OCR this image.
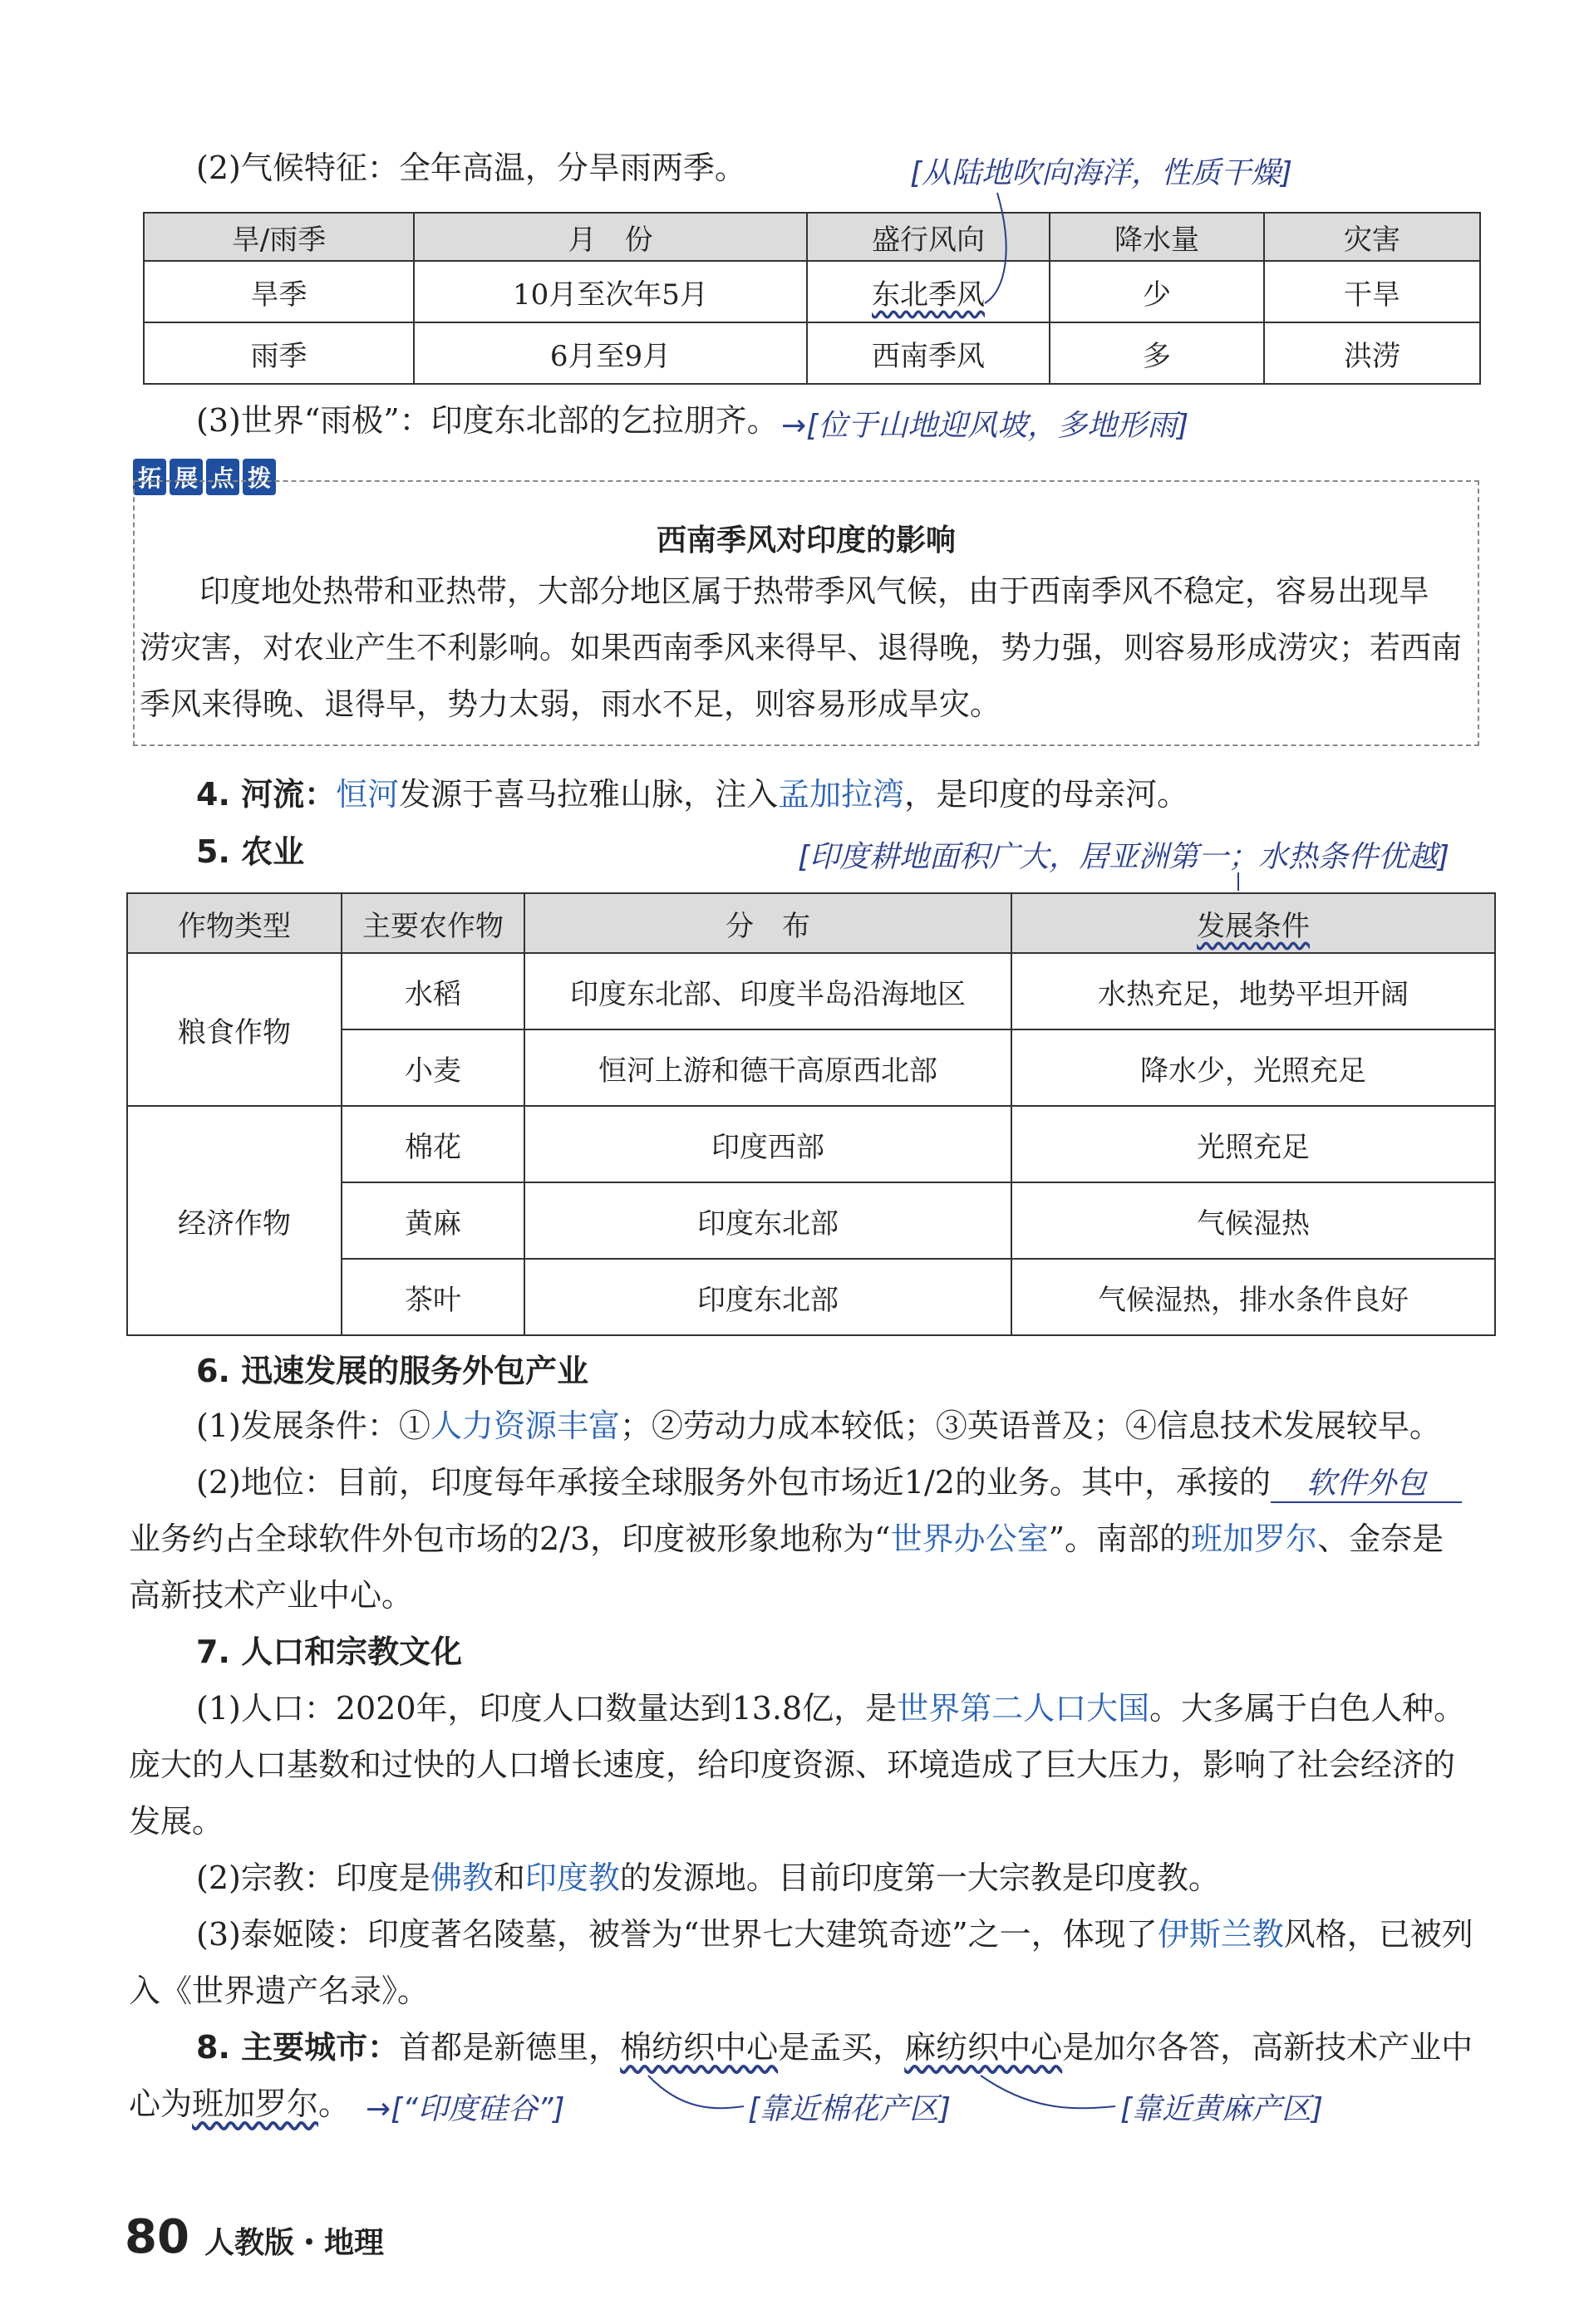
(2)气候特征：全年高温，分旱雨两季。	[从陆地吹向海洋，性质干燥]
旱/雨季	月　份	盛行风向	降水量	灾害
旱季	10月至次年5月	东北季风	少	干旱
雨季	6月至9月	西南季风	多	洪涝
(3)世界“雨极”：印度东北部的乞拉朋齐。 →[位于山地迎风坡，多地形雨]
拓 展 点 拨
西南季风对印度的影响
印度地处热带和亚热带，大部分地区属于热带季风气候，由于西南季风不稳定，容易出现旱
涝灾害，对农业产生不利影响。如果西南季风来得早、退得晚，势力强，则容易形成涝灾；若西南
季风来得晚、退得早，势力太弱，雨水不足，则容易形成旱灾。
4. 河流：恒河发源于喜马拉雅山脉，注入孟加拉湾，是印度的母亲河。
5. 农业	[印度耕地面积广大，居亚洲第一；水热条件优越]
作物类型	主要农作物	分　布	发展条件
粮食作物	水稻	印度东北部、印度半岛沿海地区	水热充足，地势平坦开阔
	小麦	恒河上游和德干高原西北部	降水少，光照充足
经济作物	棉花	印度西部	光照充足
	黄麻	印度东北部	气候湿热
	茶叶	印度东北部	气候湿热，排水条件良好
6. 迅速发展的服务外包产业
(1)发展条件：①人力资源丰富；②劳动力成本较低；③英语普及；④信息技术发展较早。
(2)地位：目前，印度每年承接全球服务外包市场近1/2的业务。其中，承接的 软件外包
业务约占全球软件外包市场的2/3，印度被形象地称为“世界办公室”。南部的班加罗尔、金奈是
高新技术产业中心。
7. 人口和宗教文化
(1)人口：2020年，印度人口数量达到13.8亿，是世界第二人口大国。大多属于白色人种。
庞大的人口基数和过快的人口增长速度，给印度资源、环境造成了巨大压力，影响了社会经济的
发展。
(2)宗教：印度是佛教和印度教的发源地。目前印度第一大宗教是印度教。
(3)泰姬陵：印度著名陵墓，被誉为“世界七大建筑奇迹”之一，体现了伊斯兰教风格，已被列
入《世界遗产名录》。
8. 主要城市：首都是新德里，棉纺织中心是孟买，麻纺织中心是加尔各答，高新技术产业中
心为班加罗尔。 →[“印度硅谷”]	[靠近棉花产区]	[靠近黄麻产区]
80 人教版・地理
